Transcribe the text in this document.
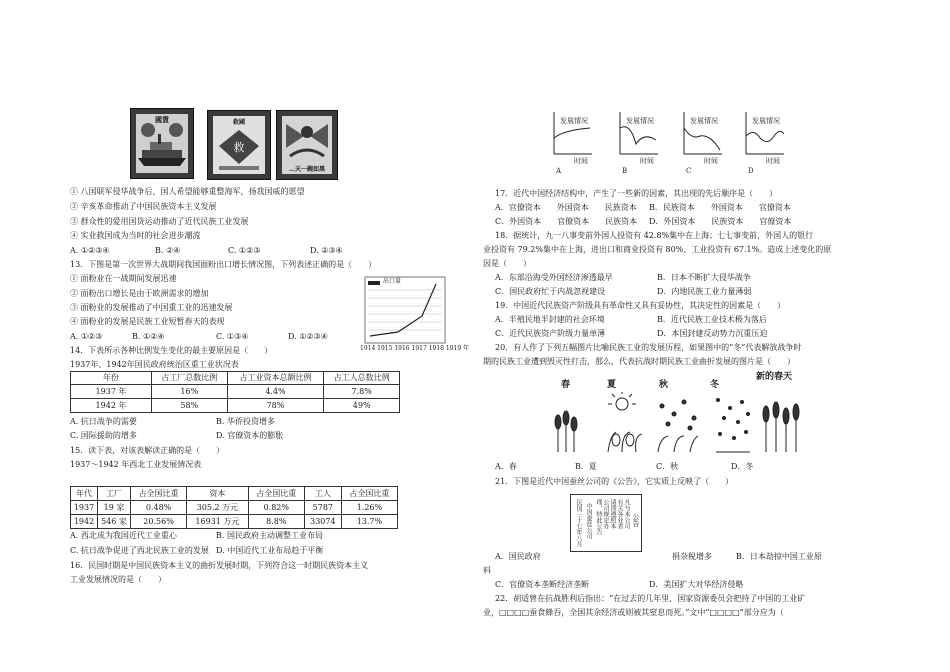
國貨
救
救國
…天一碗如黑
① 八国联军侵华战争后，国人希望能够重整海军，扬我国威的愿望
② 辛亥革命推动了中国民族资本主义发展
③ 群众性的爱用国货运动推动了近代民族工业发展
④ 实业救国成为当时的社会进步潮流
A. ①②③④	B. ②④	C. ①②③	D. ②③④
13．下图是第一次世界大战期间我国面粉出口增长情况图，下列表述正确的是（　　）
① 面粉业在一战期间发展迅速
② 面粉出口增长是由于欧洲需求的增加
③ 面粉业的发展推动了中国重工业的迅速发展
④ 面粉业的发展是民族工业短暂春天的表现
A. ①②③	B. ①②④	C. ①③④	D. ①②③④
出口量
1914 1915 1916 1917 1918 1919 年
14．下表所示各种比例发生变化的最主要原因是（　　）
1937年、1942年国民政府统治区重工业状况表
年份	占工厂总数比例	占工业资本总额比例	占工人总数比例
1937 年	16%	4.4%	7.8%
1942 年	58%	78%	49%
A. 抗日战争的需要	B. 华侨投资增多
C. 国际援助的增多	D. 官僚资本的膨胀
15．读下表，对该表解读正确的是（　　）
1937～1942 年西北工业发展情况表
年代	工厂	占全国比重	资本	占全国比重	工人	占全国比重
1937	19 家	0.48%	305.2 万元	0.82%	5787	1.26%
1942	546 家	20.56%	16931 万元	8.8%	33074	13.7%
A. 西北成为我国近代工业重心	B. 国民政府主动调整工业布局
C. 抗日战争促进了西北民族工业的发展 D. 中国近代工业布局趋于平衡
16．民国时期是中国民族资本主义的曲折发展时期，下列符合这一时期民族资本主义
工业发展情况的是（　　）
发展情况	发展情况	发展情况	发展情况
时间	时间	时间	时间
A	B	C	D
17．近代中国经济结构中，产生了一些新的因素，其出现的先后顺序是（　　）
A．官僚资本　　外国资本　　民族资本 B．民族资本　　外国资本　　官僚资本
C．外国资本　　官僚资本　　民族资本 D．外国资本　　民族资本　　官僚资本
18．据统计，九一八事变前外国人投资有 42.8%集中在上海；七七事变前，外国人的银行
业投资有 79.2%集中在上海，进出口和商业投资有 80%、工业投资有 67.1%。造成上述变化的原
因是（　　）
A．东部沿海受外国经济渗透最早	B．日本不断扩大侵华战争
C．国民政府忙于内战忽视建设	D．内地民族工业力量薄弱
19．中国近代民族资产阶级具有革命性又具有妥协性，其决定性的因素是（　　）
A．半殖民地半封建的社会环境	B．近代民族工业技术极为落后
C．近代民族资产阶级力量单薄	D．本国封建反动势力沉重压迫
20．有人作了下列五幅图片比喻民族工业的发展历程，如果图中的“冬”代表解放战争时
期的民族工业遭到毁灭性打击，那么，代表抗战时期民族工业曲折发展的图片是（　　）
春	夏	秋	冬
新的春天
A．春	B．夏	C．秋	D．冬
21．下图是近代中国蚕丝公司的《公告》，它实质上反映了（　　）
公告
凡与本公司
有关各业者
请即遵照本
公司规定办
理，特此公告
中国蚕丝公司
民国三十七年八月
A．国民政府	捐杂税增多	B．日本劫掠中国工业原
料
C．官僚资本垄断经济垄断	D．美国扩大对华经济侵略
22．胡适曾在抗战胜利后指出：“在过去的几年里，国家资源委员会把持了中国的工业矿
业，□□□□蚕食蜂吞，全国其余经济或则被其窒息而死。”文中“□□□□”部分应为（
